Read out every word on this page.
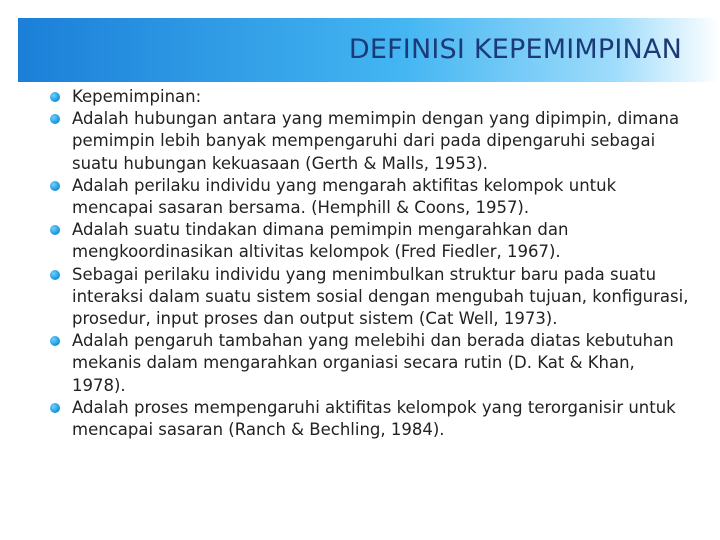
DEFINISI KEPEMIMPINAN
Kepemimpinan:
Adalah hubungan antara yang memimpin dengan yang dipimpin, dimana pemimpin lebih banyak mempengaruhi dari pada dipengaruhi sebagai suatu hubungan kekuasaan (Gerth & Malls, 1953).
Adalah perilaku individu yang mengarah aktifitas kelompok untuk mencapai sasaran bersama. (Hemphill & Coons, 1957).
Adalah suatu tindakan dimana pemimpin mengarahkan dan mengkoordinasikan altivitas kelompok (Fred Fiedler, 1967).
Sebagai perilaku individu yang menimbulkan struktur baru pada suatu interaksi dalam suatu sistem sosial dengan mengubah tujuan, konfigurasi, prosedur, input proses dan output sistem (Cat Well, 1973).
Adalah pengaruh tambahan yang melebihi dan berada diatas kebutuhan mekanis dalam mengarahkan organiasi secara rutin (D. Kat & Khan, 1978).
Adalah proses mempengaruhi aktifitas kelompok yang terorganisir untuk mencapai sasaran (Ranch & Bechling, 1984).
